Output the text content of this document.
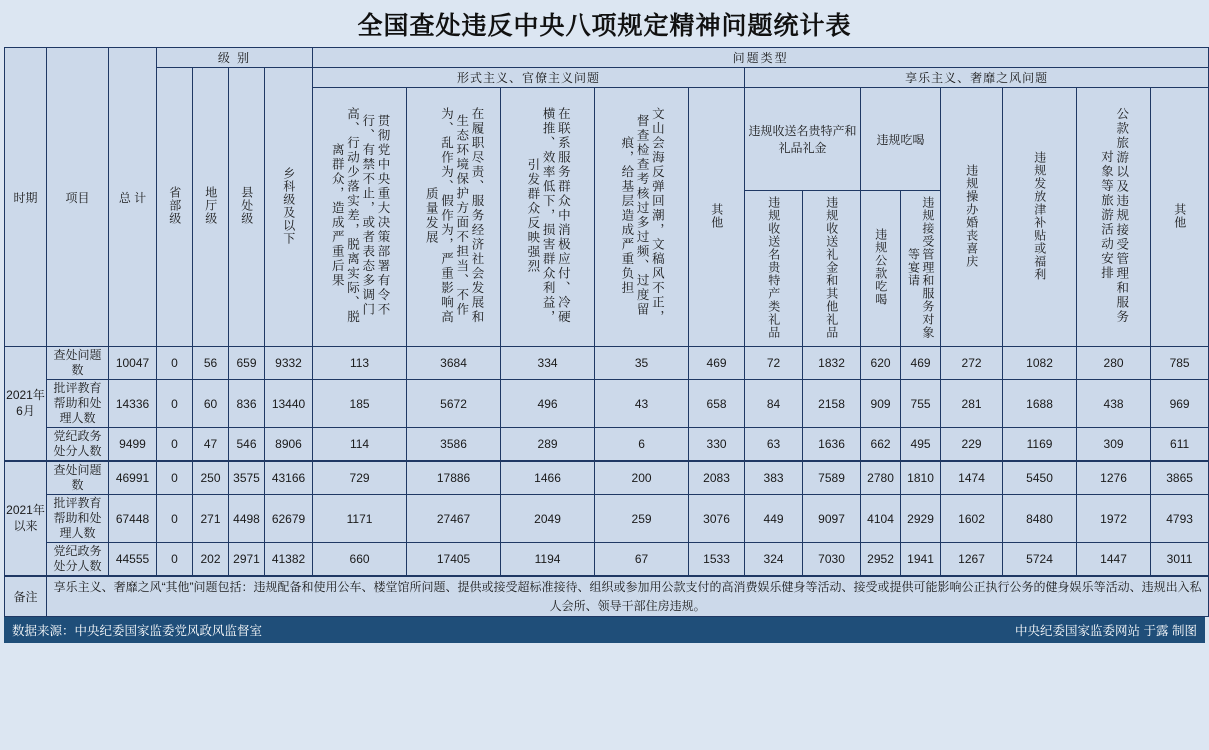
全国查处违反中央八项规定精神问题统计表
时期	项目	总 计	级 别				问题类型												
			省部级	地厅级	县处级	乡科级及以下	形式主义、官僚主义问题					享乐主义、奢靡之风问题							
							贯彻党中央重大决策部署有令不行、有禁不止，或者表态多调门高、行动少落实差，脱离实际、脱离群众，造成严重后果	在履职尽责、服务经济社会发展和生态环境保护方面不担当、不作为、乱作为、假作为，严重影响高质量发展	在联系服务群众中消极应付、冷硬横推、效率低下，损害群众利益，引发群众反映强烈	文山会海反弹回潮，文稿风不正，督查检查考核过多过频、过度留痕，给基层造成严重负担	其他	违规收送名贵特产和礼品礼金		违规吃喝		违规操办婚丧喜庆	违规发放津补贴或福利	公款旅游以及违规接受管理和服务对象等旅游活动安排	其他
												违规收送名贵特产类礼品	违规收送礼金和其他礼品	违规公款吃喝	违规接受管理和服务对象等宴请				
2021年6月	查处问题数	10047	0	56	659	9332	113	3684	334	35	469	72	1832	620	469	272	1082	280	785
	批评教育帮助和处理人数	14336	0	60	836	13440	185	5672	496	43	658	84	2158	909	755	281	1688	438	969
	党纪政务处分人数	9499	0	47	546	8906	114	3586	289	6	330	63	1636	662	495	229	1169	309	611
2021年以来	查处问题数	46991	0	250	3575	43166	729	17886	1466	200	2083	383	7589	2780	1810	1474	5450	1276	3865
	批评教育帮助和处理人数	67448	0	271	4498	62679	1171	27467	2049	259	3076	449	9097	4104	2929	1602	8480	1972	4793
	党纪政务处分人数	44555	0	202	2971	41382	660	17405	1194	67	1533	324	7030	2952	1941	1267	5724	1447	3011
备注	享乐主义、奢靡之风“其他”问题包括：违规配备和使用公车、楼堂馆所问题、提供或接受超标准接待、组织或参加用公款支付的高消费娱乐健身等活动、接受或提供可能影响公正执行公务的健身娱乐等活动、违规出入私人会所、领导干部住房违规。																		
数据来源：中央纪委国家监委党风政风监督室	中央纪委国家监委网站 于露 制图
